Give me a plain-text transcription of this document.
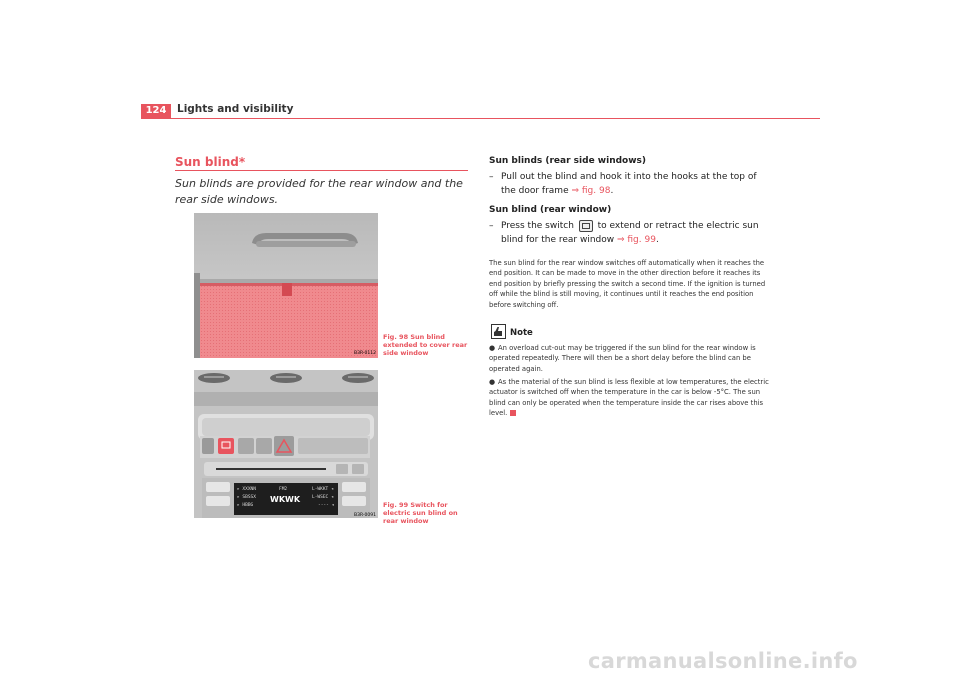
124	Lights and visibility
Sun blind*
Sun blinds are provided for the rear window and the rear side windows.
B3R-0112
Fig. 98 Sun blind extended to cover rear side window
▸ XXXNN
▸ SBSSX
▸ HBBG
FM2	L-WKKT ◂
L-WSEC ◂
---- ◂
WKWK
B3R-0091
Fig. 99 Switch for electric sun blind on rear window
Sun blinds (rear side windows)
– Pull out the blind and hook it into the hooks at the top of the door frame ⇒ fig. 98.
Sun blind (rear window)
– Press the switch  to extend or retract the electric sun blind for the rear window ⇒ fig. 99.
The sun blind for the rear window switches off automatically when it reaches the end position. It can be made to move in the other direction before it reaches its end position by briefly pressing the switch a second time. If the ignition is turned off while the blind is still moving, it continues until it reaches the end position before switching off.
Note
● An overload cut-out may be triggered if the sun blind for the rear window is operated repeatedly. There will then be a short delay before the blind can be operated again.
● As the material of the sun blind is less flexible at low temperatures, the electric actuator is switched off when the temperature in the car is below -5°C. The sun blind can only be operated when the temperature inside the car rises above this level.
carmanualsonline.info
